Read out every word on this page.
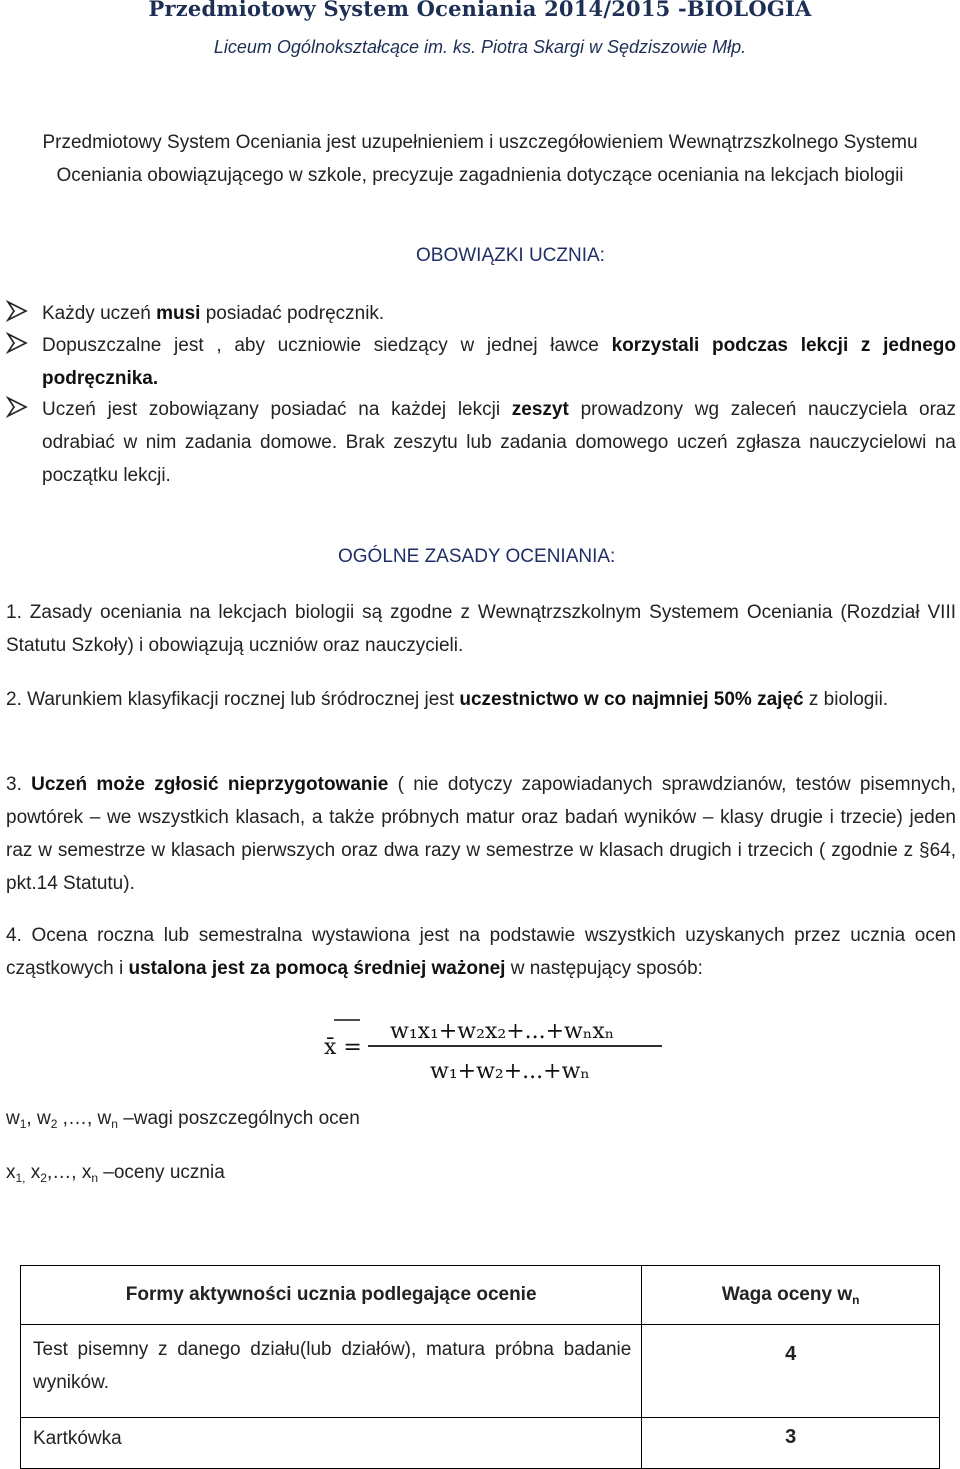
Przedmiotowy System Oceniania 2014/2015 -BIOLOGIA
Liceum Ogólnokształcące im. ks. Piotra Skargi w Sędziszowie Młp.
Przedmiotowy System Oceniania jest uzupełnieniem i uszczegółowieniem Wewnątrzszkolnego Systemu Oceniania obowiązującego w szkole, precyzuje zagadnienia dotyczące oceniania na lekcjach biologii
OBOWIĄZKI UCZNIA:
Każdy uczeń musi posiadać podręcznik.
Dopuszczalne jest , aby uczniowie siedzący w jednej ławce korzystali podczas lekcji z jednego podręcznika.
Uczeń jest zobowiązany posiadać na każdej lekcji zeszyt prowadzony wg zaleceń nauczyciela oraz odrabiać w nim zadania domowe. Brak zeszytu lub zadania domowego uczeń zgłasza nauczycielowi na początku lekcji.
OGÓLNE ZASADY OCENIANIA:
1. Zasady oceniania na lekcjach biologii są zgodne z Wewnątrzszkolnym Systemem Oceniania (Rozdział VIII Statutu Szkoły) i obowiązują uczniów oraz nauczycieli.
2. Warunkiem klasyfikacji rocznej lub śródrocznej jest uczestnictwo w co najmniej 50% zajęć z biologii.
3. Uczeń może zgłosić nieprzygotowanie ( nie dotyczy zapowiadanych sprawdzianów, testów pisemnych, powtórek – we wszystkich klasach, a także próbnych matur oraz badań wyników – klasy drugie i trzecie) jeden raz w semestrze w klasach pierwszych oraz dwa razy w semestrze w klasach drugich i trzecich ( zgodnie z §64, pkt.14 Statutu).
4. Ocena roczna lub semestralna wystawiona jest na podstawie wszystkich uzyskanych przez ucznia ocen cząstkowych i ustalona jest za pomocą średniej ważonej w następujący sposób:
w₁x₁+w₂x₂+...+wₙxₙ
x̄ =
w₁+w₂+...+wₙ
$w_1$, $w_2$ ,…, $w_n$ –wagi poszczególnych ocen
$x_{1,}$ $x_2,\dots$, $x_n$ –oceny ucznia
Formy aktywności ucznia podlegające ocenie	Waga oceny $w_n$
Test pisemny z danego działu(lub działów), matura próbna badanie wyników.	4
Kartkówka	3
